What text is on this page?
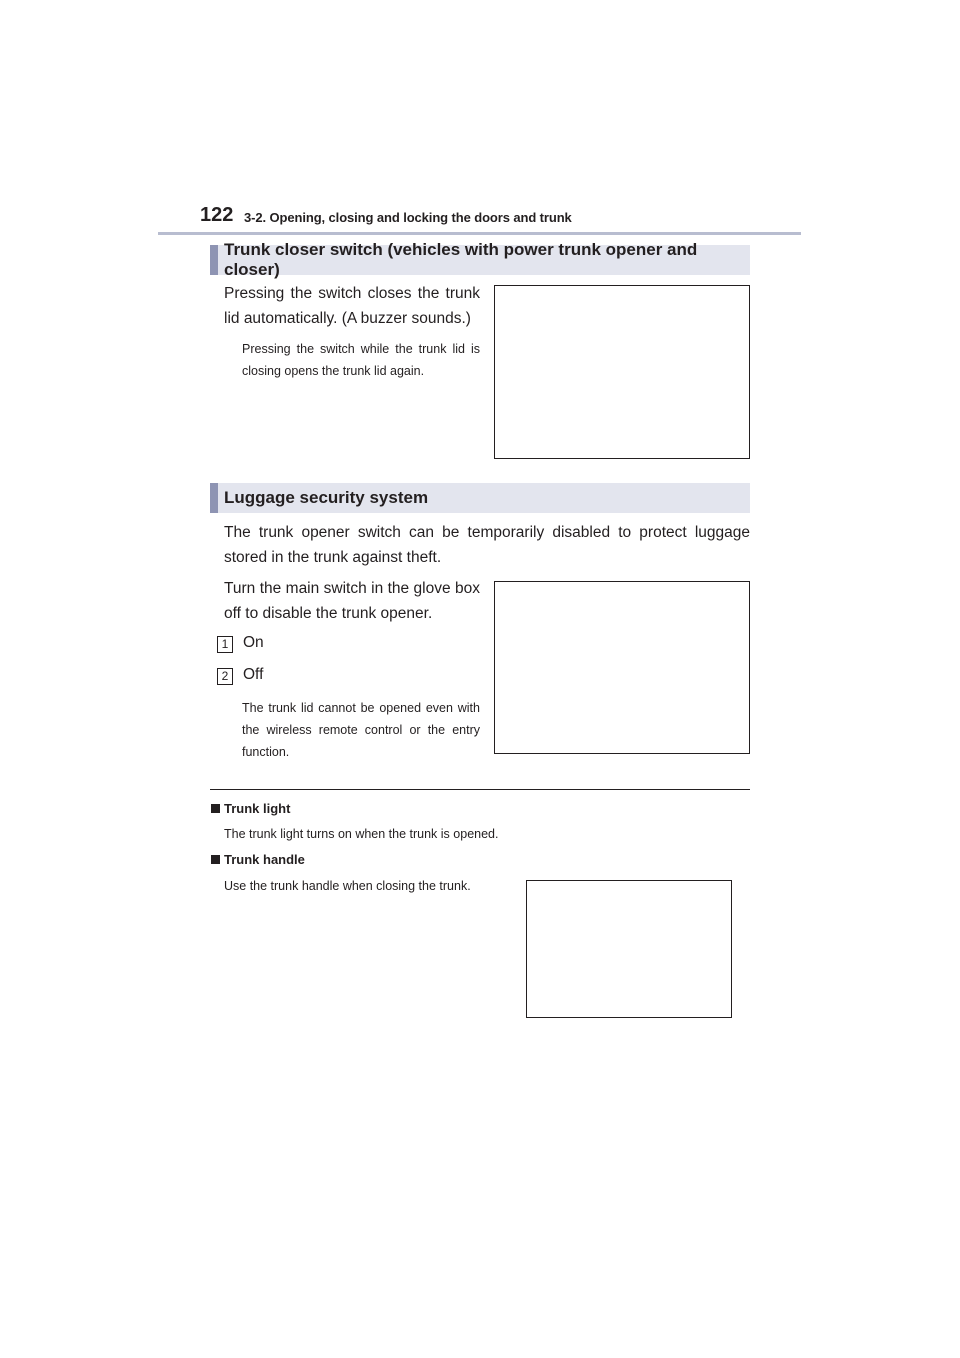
122 3-2. Opening, closing and locking the doors and trunk
Trunk closer switch (vehicles with power trunk opener and closer)
Pressing the switch closes the trunk lid automatically. (A buzzer sounds.)
Pressing the switch while the trunk lid is closing opens the trunk lid again.
Luggage security system
The trunk opener switch can be temporarily disabled to protect luggage stored in the trunk against theft.
Turn the main switch in the glove box off to disable the trunk opener.
1 On
2 Off
The trunk lid cannot be opened even with the wireless remote control or the entry function.
Trunk light
The trunk light turns on when the trunk is opened.
Trunk handle
Use the trunk handle when closing the trunk.
